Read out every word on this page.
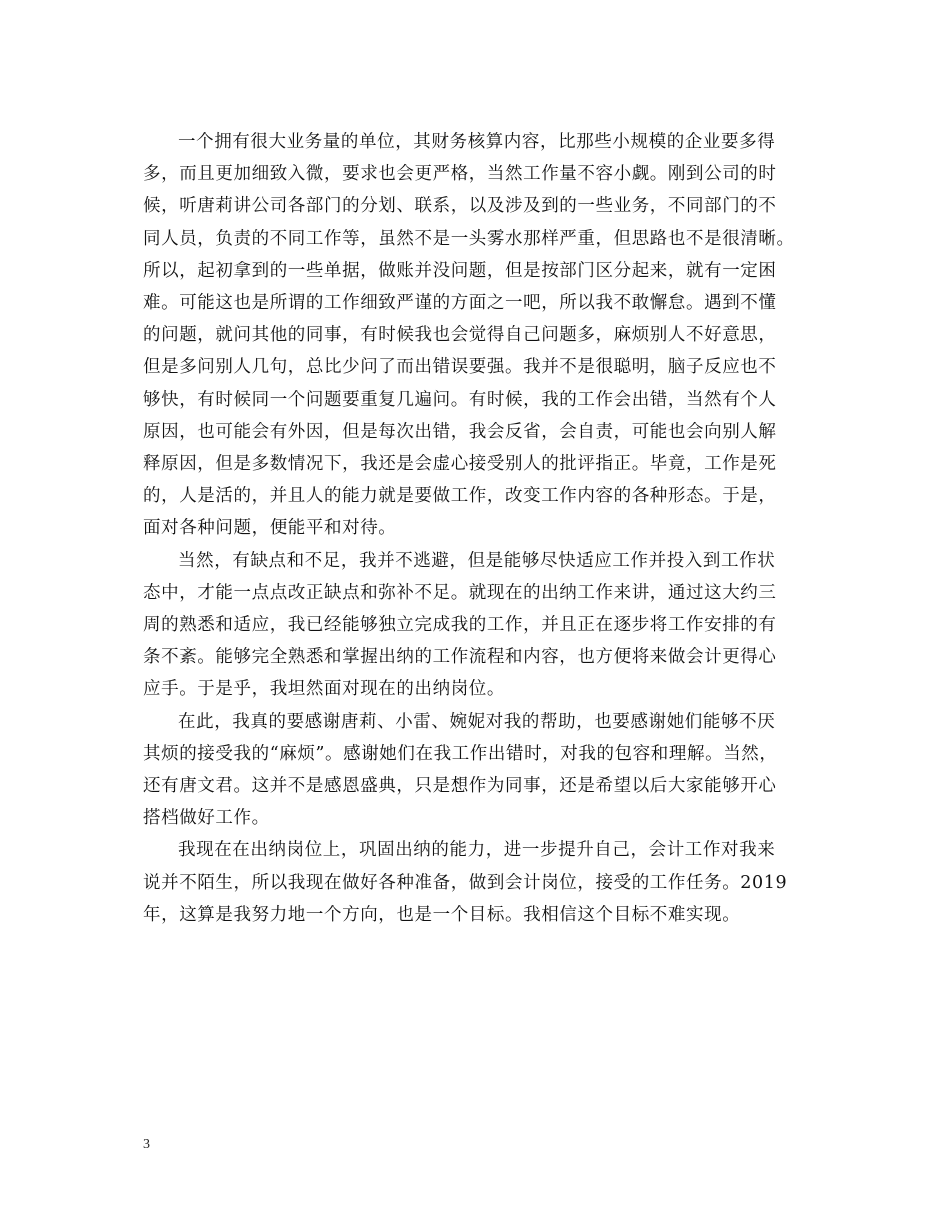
一个拥有很大业务量的单位，其财务核算内容，比那些小规模的企业要多得
多，而且更加细致入微，要求也会更严格，当然工作量不容小觑。刚到公司的时
候，听唐莉讲公司各部门的分划、联系，以及涉及到的一些业务，不同部门的不
同人员，负责的不同工作等，虽然不是一头雾水那样严重，但思路也不是很清晰。
所以，起初拿到的一些单据，做账并没问题，但是按部门区分起来，就有一定困
难。可能这也是所谓的工作细致严谨的方面之一吧，所以我不敢懈怠。遇到不懂
的问题，就问其他的同事，有时候我也会觉得自己问题多，麻烦别人不好意思，
但是多问别人几句，总比少问了而出错误要强。我并不是很聪明，脑子反应也不
够快，有时候同一个问题要重复几遍问。有时候，我的工作会出错，当然有个人
原因，也可能会有外因，但是每次出错，我会反省，会自责，可能也会向别人解
释原因，但是多数情况下，我还是会虚心接受别人的批评指正。毕竟，工作是死
的，人是活的，并且人的能力就是要做工作，改变工作内容的各种形态。于是，
面对各种问题，便能平和对待。

当然，有缺点和不足，我并不逃避，但是能够尽快适应工作并投入到工作状
态中，才能一点点改正缺点和弥补不足。就现在的出纳工作来讲，通过这大约三
周的熟悉和适应，我已经能够独立完成我的工作，并且正在逐步将工作安排的有
条不紊。能够完全熟悉和掌握出纳的工作流程和内容，也方便将来做会计更得心
应手。于是乎，我坦然面对现在的出纳岗位。

在此，我真的要感谢唐莉、小雷、婉妮对我的帮助，也要感谢她们能够不厌
其烦的接受我的“麻烦”。感谢她们在我工作出错时，对我的包容和理解。当然，
还有唐文君。这并不是感恩盛典，只是想作为同事，还是希望以后大家能够开心
搭档做好工作。

我现在在出纳岗位上，巩固出纳的能力，进一步提升自己，会计工作对我来
说并不陌生，所以我现在做好各种准备，做到会计岗位，接受的工作任务。2019
年，这算是我努力地一个方向，也是一个目标。我相信这个目标不难实现。

3
